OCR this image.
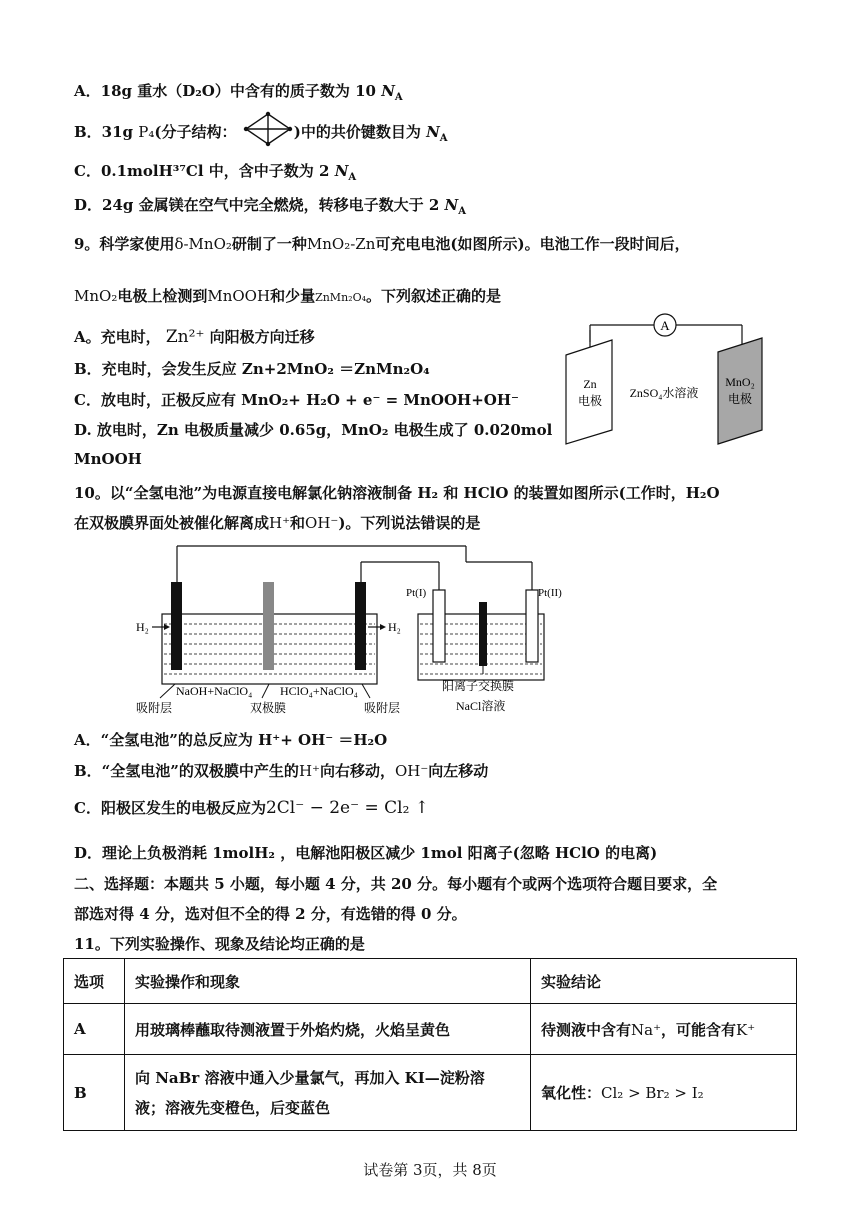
A．18g 重水（D₂O）中含有的质子数为 10 $N_A$
B．31g P₄(分子结构：	)中的共价键数目为 $N_A$
C．0.1molH³⁷Cl 中，含中子数为 2 $N_A$
D．24g 金属镁在空气中完全燃烧，转移电子数大于 2 $N_A$
9。科学家使用δ-MnO₂研制了一种MnO₂-Zn可充电电池(如图所示)。电池工作一段时间后，
MnO₂电极上检测到MnOOH和少量ZnMn₂O₄。下列叙述正确的是
A。充电时， Zn²⁺ 向阳极方向迁移
B．充电时，会发生反应 Zn+2MnO₂ ＝ZnMn₂O₄
C．放电时，正极反应有 MnO₂+ H₂O + e⁻ = MnOOH+OH⁻
D. 放电时，Zn 电极质量减少 0.65g，MnO₂ 电极生成了 0.020mol
MnOOH
A
Zn
电极
MnO₂
电极
ZnSO₄水溶液
10。以“全氢电池”为电源直接电解氯化钠溶液制备 H₂ 和 HClO 的装置如图所示(工作时，H₂O
在双极膜界面处被催化解离成H⁺和OH⁻)。下列说法错误的是
H₂	H₂
Pt(I)	Pt(II)
吸附层
NaOH+NaClO₄
双极膜
HClO₄+NaClO₄
吸附层
阳离子交换膜
NaCl溶液
A．“全氢电池”的总反应为 H⁺+ OH⁻ ＝H₂O
B．“全氢电池”的双极膜中产生的H⁺向右移动，OH⁻向左移动
C．阳极区发生的电极反应为2Cl⁻ − 2e⁻ = Cl₂ ↑
D．理论上负极消耗 1molH₂ ，电解池阳极区减少 1mol 阳离子(忽略 HClO 的电离)
二、选择题：本题共 5 小题，每小题 4 分，共 20 分。每小题有个或两个选项符合题目要求，全
部选对得 4 分，选对但不全的得 2 分，有选错的得 0 分。
11。下列实验操作、现象及结论均正确的是
选项	实验操作和现象	实验结论
A	用玻璃棒蘸取待测液置于外焰灼烧，火焰呈黄色	待测液中含有Na⁺，可能含有K⁺
B	向 NaBr 溶液中通入少量氯气，再加入 KI—淀粉溶
液；溶液先变橙色，后变蓝色	氧化性：Cl₂ > Br₂ > I₂
试卷第 3页，共 8页
